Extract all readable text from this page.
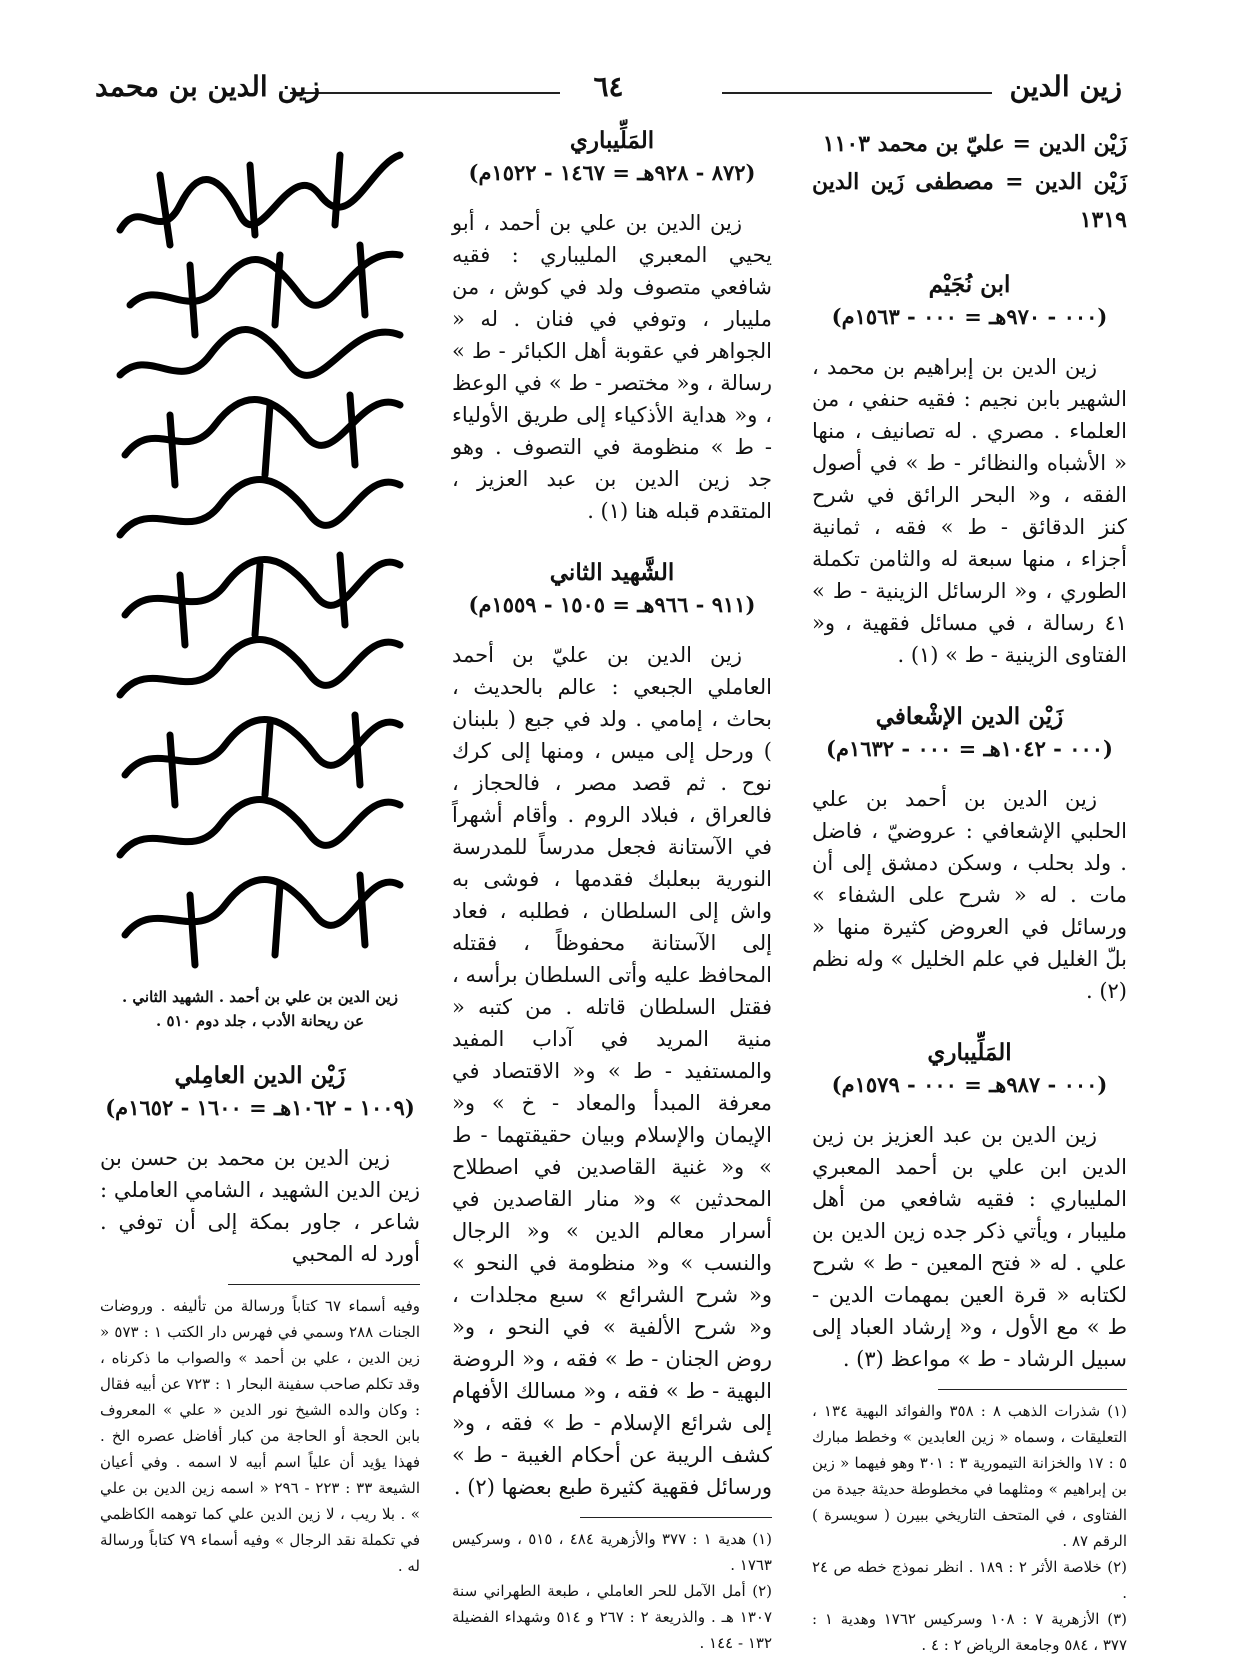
زين الدين
٦٤
زين الدين بن محمد

زَيْن الدين = عليّ بن محمد ١١٠٣

زَيْن الدين = مصطفى زَين الدين ١٣١٩

ابن نُجَيْم

(٠٠٠ - ٩٧٠هـ = ٠٠٠ - ١٥٦٣م)

زين الدين بن إبراهيم بن محمد ، الشهير بابن نجيم : فقيه حنفي ، من العلماء . مصري . له تصانيف ، منها « الأشباه والنظائر - ط » في أصول الفقه ، و« البحر الرائق في شرح كنز الدقائق - ط » فقه ، ثمانية أجزاء ، منها سبعة له والثامن تكملة الطوري ، و« الرسائل الزينية - ط » ٤١ رسالة ، في مسائل فقهية ، و« الفتاوى الزينية - ط » (١) .

زَيْن الدين الإشْعافي

(٠٠٠ - ١٠٤٢هـ = ٠٠٠ - ١٦٣٢م)

زين الدين بن أحمد بن علي الحلبي الإشعافي : عروضيّ ، فاضل . ولد بحلب ، وسكن دمشق إلى أن مات . له « شرح على الشفاء » ورسائل في العروض كثيرة منها « بلّ الغليل في علم الخليل » وله نظم (٢) .

المَلِّيباري

(٠٠٠ - ٩٨٧هـ = ٠٠٠ - ١٥٧٩م)

زين الدين بن عبد العزيز بن زين الدين ابن علي بن أحمد المعبري المليباري : فقيه شافعي من أهل مليبار ، ويأتي ذكر جده زين الدين بن علي . له « فتح المعين - ط » شرح لكتابه « قرة العين بمهمات الدين - ط » مع الأول ، و« إرشاد العباد إلى سبيل الرشاد - ط » مواعظ (٣) .

(١) شذرات الذهب ٨ : ٣٥٨ والفوائد البهية ١٣٤ ، التعليقات ، وسماه « زين العابدين » وخطط مبارك ٥ : ١٧ والخزانة التيمورية ٣ : ٣٠١ وهو فيهما « زين بن إبراهيم » ومثلهما في مخطوطة حديثة جيدة من الفتاوى ، في المتحف التاريخي ببيرن ( سويسرة ) الرقم ٨٧ .

(٢) خلاصة الأثر ٢ : ١٨٩ . انظر نموذج خطه ص ٢٤ .

(٣) الأزهرية ٧ : ١٠٨ وسركيس ١٧٦٢ وهدية ١ : ٣٧٧ ، ٥٨٤ وجامعة الرياض ٢ : ٤ .

المَلِّيباري

(٨٧٢ - ٩٢٨هـ = ١٤٦٧ - ١٥٢٢م)

زين الدين بن علي بن أحمد ، أبو يحيي المعبري المليباري : فقيه شافعي متصوف ولد في كوش ، من مليبار ، وتوفي في فنان . له « الجواهر في عقوبة أهل الكبائر - ط » رسالة ، و« مختصر - ط » في الوعظ ، و« هداية الأذكياء إلى طريق الأولياء - ط » منظومة في التصوف . وهو جد زين الدين بن عبد العزيز ، المتقدم قبله هنا (١) .

الشَّهيد الثاني

(٩١١ - ٩٦٦هـ = ١٥٠٥ - ١٥٥٩م)

زين الدين بن عليّ بن أحمد العاملي الجبعي : عالم بالحديث ، بحاث ، إمامي . ولد في جبع ( بلبنان ) ورحل إلى ميس ، ومنها إلى كرك نوح . ثم قصد مصر ، فالحجاز ، فالعراق ، فبلاد الروم . وأقام أشهراً في الآستانة فجعل مدرساً للمدرسة النورية ببعلبك فقدمها ، فوشى به واش إلى السلطان ، فطلبه ، فعاد إلى الآستانة محفوظاً ، فقتله المحافظ عليه وأتى السلطان برأسه ، فقتل السلطان قاتله . من كتبه « منية المريد في آداب المفيد والمستفيد - ط » و« الاقتصاد في معرفة المبدأ والمعاد - خ » و« الإيمان والإسلام وبيان حقيقتهما - ط » و« غنية القاصدين في اصطلاح المحدثين » و« منار القاصدين في أسرار معالم الدين » و« الرجال والنسب » و« منظومة في النحو » و« شرح الشرائع » سبع مجلدات ، و« شرح الألفية » في النحو ، و« روض الجنان - ط » فقه ، و« الروضة البهية - ط » فقه ، و« مسالك الأفهام إلى شرائع الإسلام - ط » فقه ، و« كشف الريبة عن أحكام الغيبة - ط » ورسائل فقهية كثيرة طبع بعضها (٢) .

(١) هدية ١ : ٣٧٧ والأزهرية ٤٨٤ ، ٥١٥ ، وسركيس ١٧٦٣ .

(٢) أمل الآمل للحر العاملي ، طبعة الطهراني سنة ١٣٠٧ هـ . والذريعة ٢ : ٢٦٧ و ٥١٤ وشهداء الفضيلة ١٣٢ - ١٤٤ .

زين الدين بن علي بن أحمد . الشهيد الثاني .
عن ريحانة الأدب ، جلد دوم ٥١٠ .

زَيْن الدين العامِلي

(١٠٠٩ - ١٠٦٢هـ = ١٦٠٠ - ١٦٥٢م)

زين الدين بن محمد بن حسن بن زين الدين الشهيد ، الشامي العاملي : شاعر ، جاور بمكة إلى أن توفي . أورد له المحبي

وفيه أسماء ٦٧ كتاباً ورسالة من تأليفه . وروضات الجنات ٢٨٨ وسمي في فهرس دار الكتب ١ : ٥٧٣ « زين الدين ، علي بن أحمد » والصواب ما ذكرناه ، وقد تكلم صاحب سفينة البحار ١ : ٧٢٣ عن أبيه فقال : وكان والده الشيخ نور الدين « علي » المعروف بابن الحجة أو الحاجة من كبار أفاضل عصره الخ . فهذا يؤيد أن علياً اسم أبيه لا اسمه . وفي أعيان الشيعة ٣٣ : ٢٢٣ - ٢٩٦ « اسمه زين الدين بن علي » . بلا ريب ، لا زين الدين علي كما توهمه الكاظمي في تكملة نقد الرجال » وفيه أسماء ٧٩ كتاباً ورسالة له .
